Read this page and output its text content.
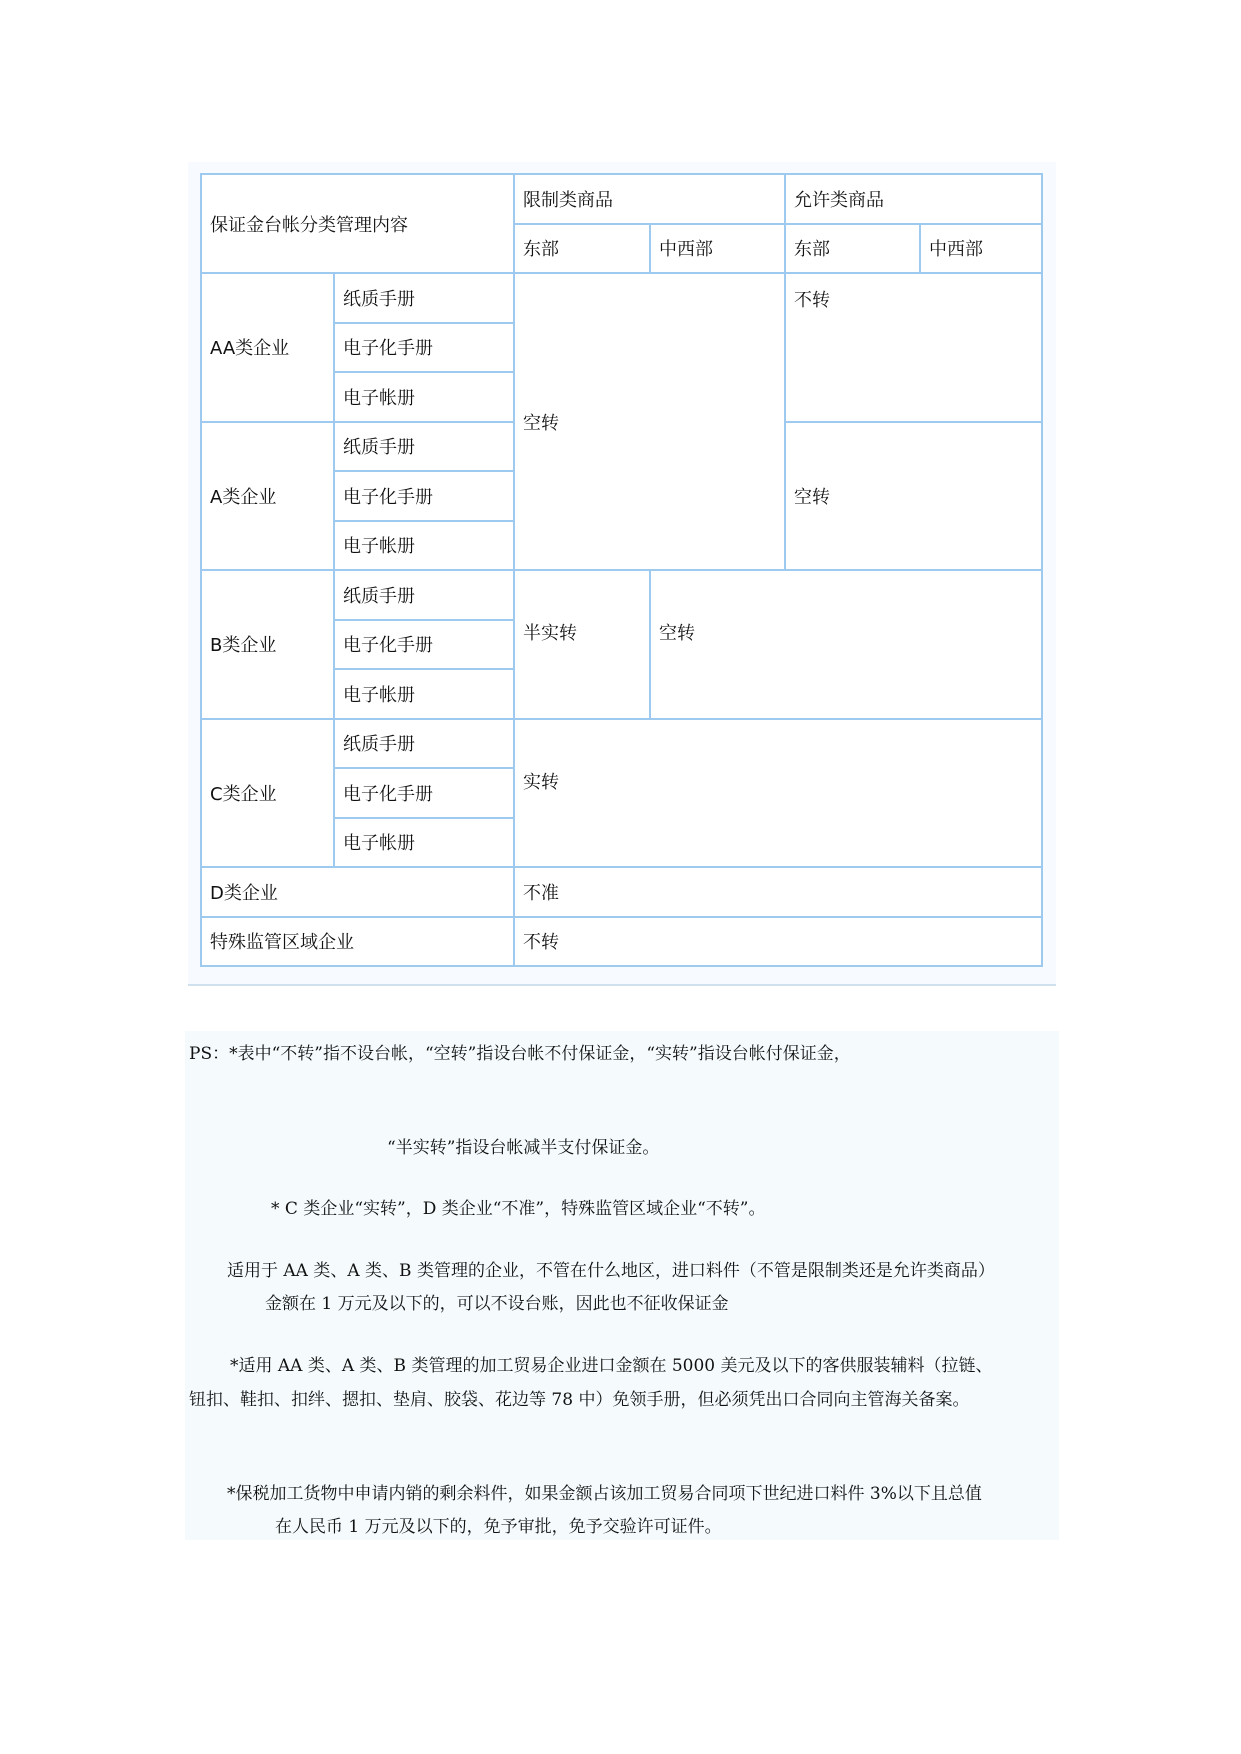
保证金台帐分类管理内容		限制类商品		允许类商品	
		东部	中西部	东部	中西部
AA类企业	纸质手册	空转		不转	
	电子化手册				
	电子帐册				
A类企业	纸质手册			空转	
	电子化手册				
	电子帐册				
B类企业	纸质手册	半实转	空转		
	电子化手册				
	电子帐册				
C类企业	纸质手册	实转			
	电子化手册				
	电子帐册				
D类企业		不准			
特殊监管区域企业		不转			
PS：*表中“不转”指不设台帐，“空转”指设台帐不付保证金，“实转”指设台帐付保证金，
“半实转”指设台帐减半支付保证金。
* C 类企业“实转”，D 类企业“不准”，特殊监管区域企业“不转”。
适用于 AA 类、A 类、B 类管理的企业，不管在什么地区，进口料件（不管是限制类还是允许类商品）
金额在 1 万元及以下的，可以不设台账，因此也不征收保证金
*适用 AA 类、A 类、B 类管理的加工贸易企业进口金额在 5000 美元及以下的客供服装辅料（拉链、
钮扣、鞋扣、扣绊、摁扣、垫肩、胶袋、花边等 78 中）免领手册，但必须凭出口合同向主管海关备案。
*保税加工货物中申请内销的剩余料件，如果金额占该加工贸易合同项下世纪进口料件 3%以下且总值
在人民币 1 万元及以下的，免予审批，免予交验许可证件。
